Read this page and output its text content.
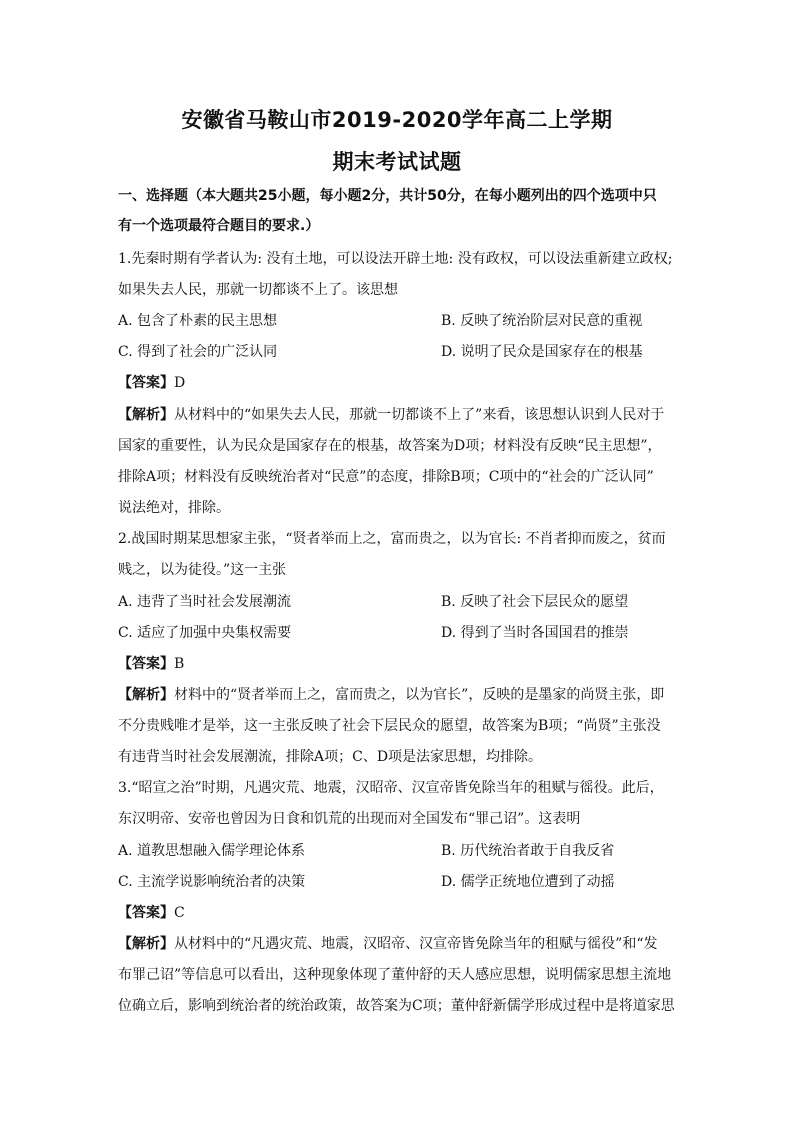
安徽省马鞍山市2019-2020学年高二上学期
期末考试试题
一、选择题（本大题共25小题，每小题2分，共计50分，在每小题列出的四个选项中只
有一个选项最符合题目的要求.）
1.先秦时期有学者认为: 没有土地，可以设法开辟土地: 没有政权，可以设法重新建立政权;
如果失去人民，那就一切都谈不上了。该思想
A. 包含了朴素的民主思想	B. 反映了统治阶层对民意的重视
C. 得到了社会的广泛认同	D. 说明了民众是国家存在的根基
【答案】D
【解析】从材料中的“如果失去人民，那就一切都谈不上了”来看，该思想认识到人民对于
国家的重要性，认为民众是国家存在的根基，故答案为D项；材料没有反映“民主思想”，
排除A项；材料没有反映统治者对“民意”的态度，排除B项；C项中的“社会的广泛认同”
说法绝对，排除。
2.战国时期某思想家主张，“贤者举而上之，富而贵之，以为官长: 不肖者抑而废之，贫而
贱之，以为徒役。”这一主张
A. 违背了当时社会发展潮流	B. 反映了社会下层民众的愿望
C. 适应了加强中央集权需要	D. 得到了当时各国国君的推崇
【答案】B
【解析】材料中的“贤者举而上之，富而贵之，以为官长”，反映的是墨家的尚贤主张，即
不分贵贱唯才是举，这一主张反映了社会下层民众的愿望，故答案为B项；“尚贤”主张没
有违背当时社会发展潮流，排除A项；C、D项是法家思想，均排除。
3.“昭宣之治”时期，凡遇灾荒、地震，汉昭帝、汉宣帝皆免除当年的租赋与徭役。此后，
东汉明帝、安帝也曾因为日食和饥荒的出现而对全国发布“罪己诏”。这表明
A. 道教思想融入儒学理论体系	B. 历代统治者敢于自我反省
C. 主流学说影响统治者的决策	D. 儒学正统地位遭到了动摇
【答案】C
【解析】从材料中的“凡遇灾荒、地震，汉昭帝、汉宣帝皆免除当年的租赋与徭役”和“发
布罪己诏”等信息可以看出，这种现象体现了董仲舒的天人感应思想，说明儒家思想主流地
位确立后，影响到统治者的统治政策，故答案为C项；董仲舒新儒学形成过程中是将道家思
